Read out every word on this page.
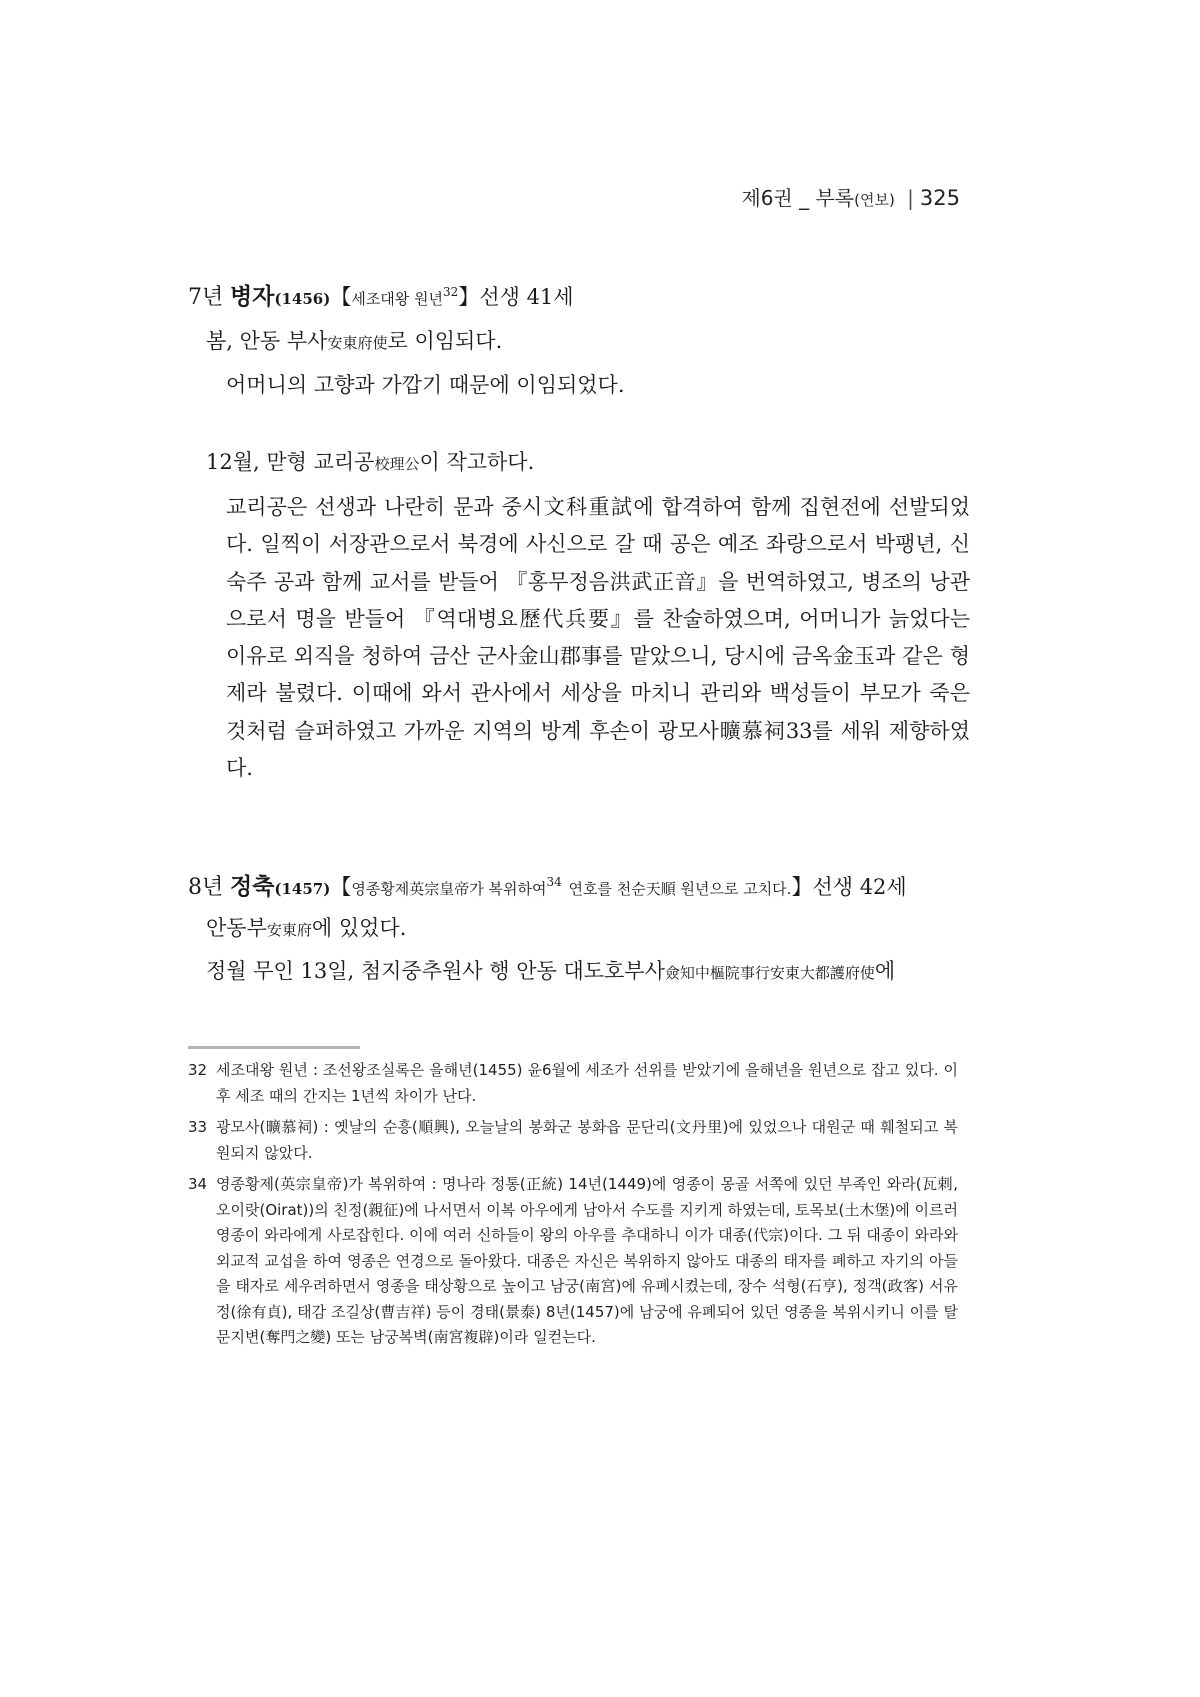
제6권 _ 부록(연보) | 325
7년 병자(1456)【세조대왕 원년$^{32}$】선생 41세
봄, 안동 부사安東府使로 이임되다.
어머니의 고향과 가깝기 때문에 이임되었다.
12월, 맏형 교리공校理公이 작고하다.
교리공은 선생과 나란히 문과 중시文科重試에 합격하여 함께 집현전에 선발되었다. 일찍이 서장관으로서 북경에 사신으로 갈 때 공은 예조 좌랑으로서 박팽년, 신숙주 공과 함께 교서를 받들어 『홍무정음洪武正音』을 번역하였고, 병조의 낭관으로서 명을 받들어 『역대병요歷代兵要』를 찬술하였으며, 어머니가 늙었다는 이유로 외직을 청하여 금산 군사金山郡事를 맡았으니, 당시에 금옥金玉과 같은 형제라 불렸다. 이때에 와서 관사에서 세상을 마치니 관리와 백성들이 부모가 죽은 것처럼 슬퍼하였고 가까운 지역의 방계 후손이 광모사曠慕祠33를 세워 제향하였다.
8년 정축(1457)【영종황제英宗皇帝가 복위하여$^{34}$ 연호를 천순天順 원년으로 고치다.】선생 42세
안동부安東府에 있었다.
정월 무인 13일, 첨지중추원사 행 안동 대도호부사僉知中樞院事行安東大都護府使에
32 세조대왕 원년 : 조선왕조실록은 을해년(1455) 윤6월에 세조가 선위를 받았기에 을해년을 원년으로 잡고 있다. 이후 세조 때의 간지는 1년씩 차이가 난다.
33 광모사(曠慕祠) : 옛날의 순흥(順興), 오늘날의 봉화군 봉화읍 문단리(文丹里)에 있었으나 대원군 때 훼철되고 복원되지 않았다.
34 영종황제(英宗皇帝)가 복위하여 : 명나라 정통(正統) 14년(1449)에 영종이 몽골 서쪽에 있던 부족인 와라(瓦剌, 오이랏(Oirat))의 친정(親征)에 나서면서 이복 아우에게 남아서 수도를 지키게 하였는데, 토목보(土木堡)에 이르러 영종이 와라에게 사로잡힌다. 이에 여러 신하들이 왕의 아우를 추대하니 이가 대종(代宗)이다. 그 뒤 대종이 와라와 외교적 교섭을 하여 영종은 연경으로 돌아왔다. 대종은 자신은 복위하지 않아도 대종의 태자를 폐하고 자기의 아들을 태자로 세우려하면서 영종을 태상황으로 높이고 남궁(南宮)에 유폐시켰는데, 장수 석형(石亨), 정객(政客) 서유정(徐有貞), 태감 조길상(曹吉祥) 등이 경태(景泰) 8년(1457)에 남궁에 유폐되어 있던 영종을 복위시키니 이를 탈문지변(奪門之變) 또는 남궁복벽(南宮複辟)이라 일컫는다.
